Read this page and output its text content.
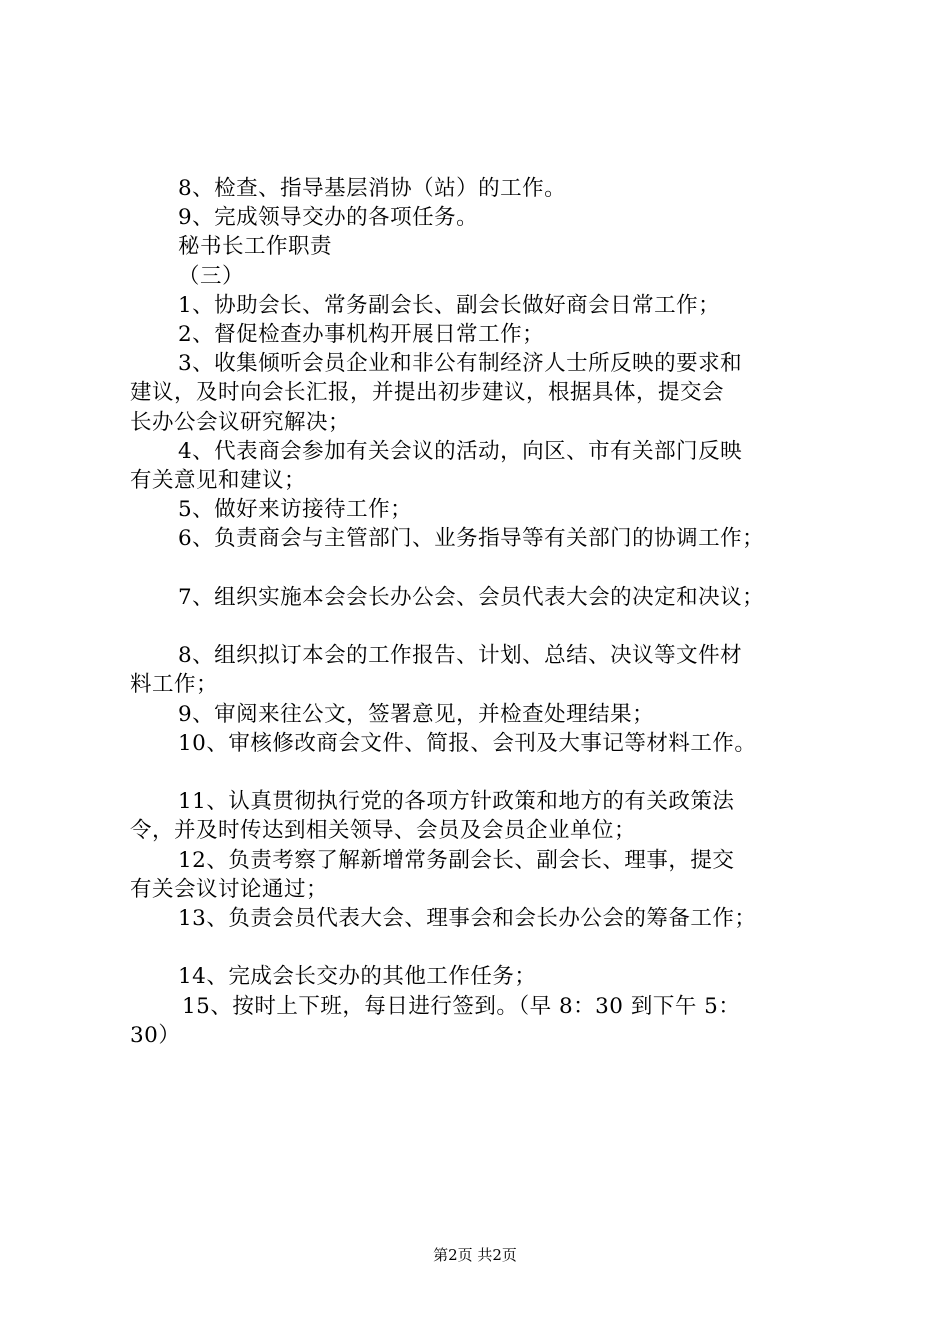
8、检查、指导基层消协（站）的工作。
9、完成领导交办的各项任务。
秘书长工作职责
（三）
1、协助会长、常务副会长、副会长做好商会日常工作；
2、督促检查办事机构开展日常工作；
3、收集倾听会员企业和非公有制经济人士所反映的要求和
建议，及时向会长汇报，并提出初步建议，根据具体，提交会
长办公会议研究解决；
4、代表商会参加有关会议的活动，向区、市有关部门反映
有关意见和建议；
5、做好来访接待工作；
6、负责商会与主管部门、业务指导等有关部门的协调工作；
7、组织实施本会会长办公会、会员代表大会的决定和决议；
8、组织拟订本会的工作报告、计划、总结、决议等文件材
料工作；
9、审阅来往公文，签署意见，并检查处理结果；
10、审核修改商会文件、简报、会刊及大事记等材料工作。
11、认真贯彻执行党的各项方针政策和地方的有关政策法
令，并及时传达到相关领导、会员及会员企业单位；
12、负责考察了解新增常务副会长、副会长、理事，提交
有关会议讨论通过；
13、负责会员代表大会、理事会和会长办公会的筹备工作；
14、完成会长交办的其他工作任务；
15、按时上下班，每日进行签到。（早 8：30 到下午 5：
30）
第2页 共2页
